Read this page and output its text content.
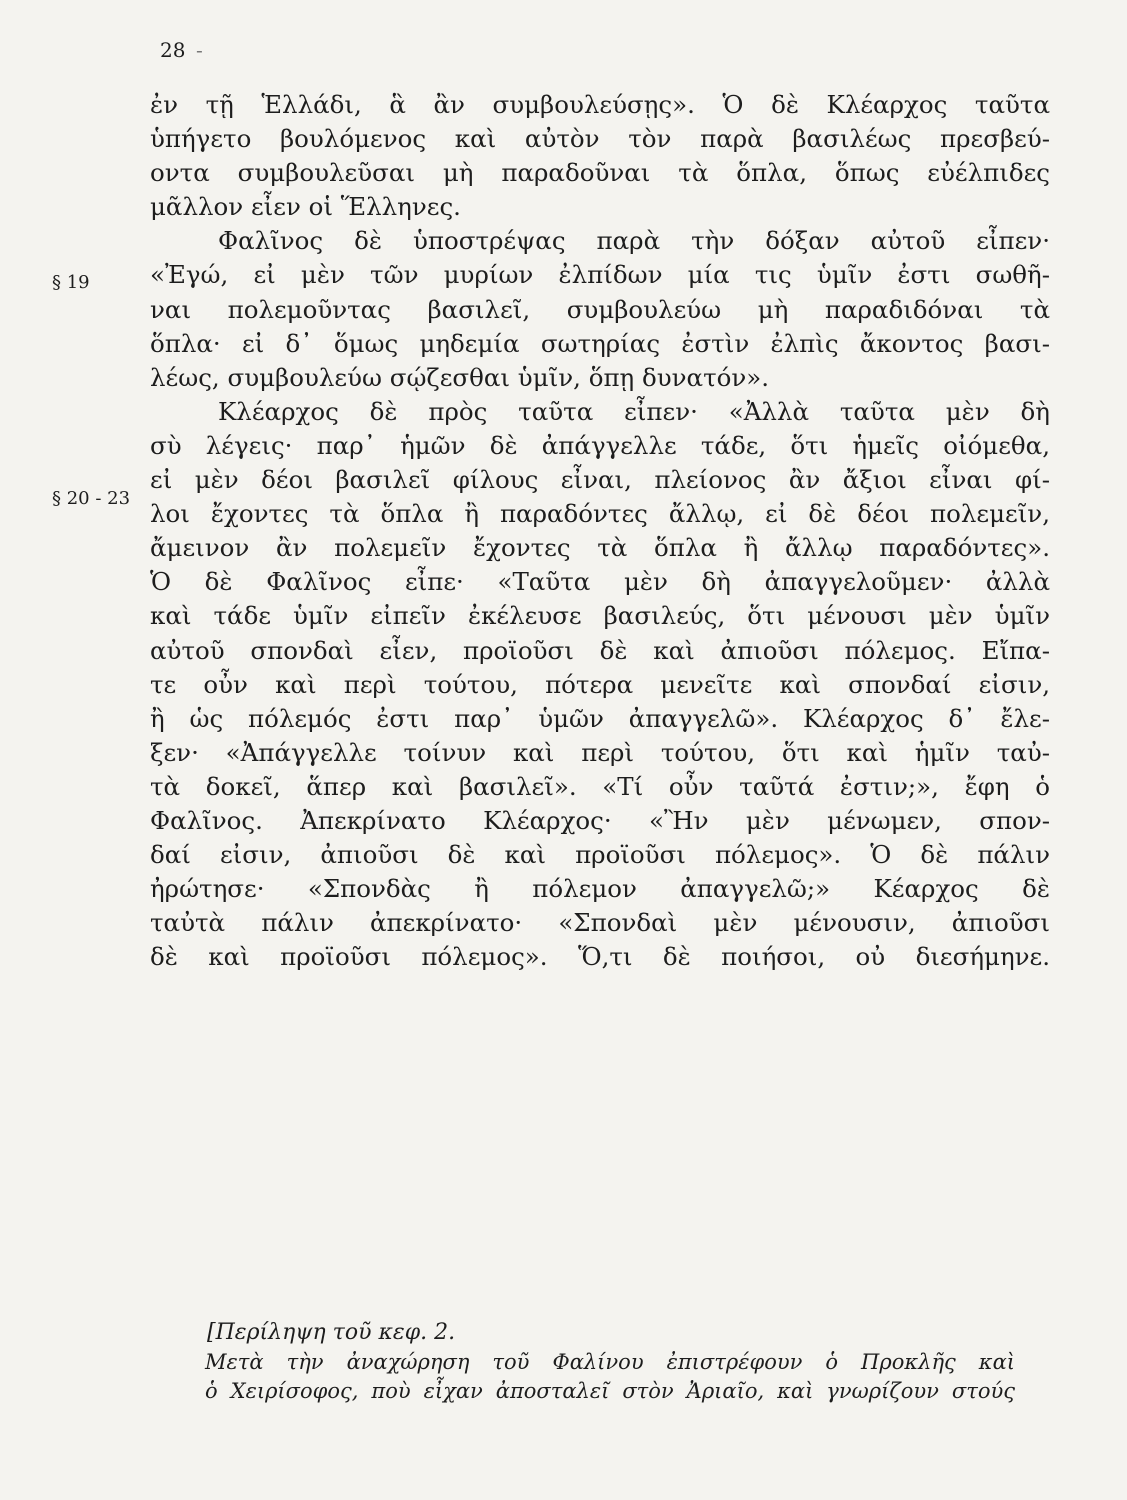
28 -
§ 19
§ 20 - 23
ἐν τῇ Ἑλλάδι, ἃ ἂν συμβουλεύσῃς». Ὁ δὲ Κλέαρχος ταῦτα
ὑπήγετο βουλόμενος καὶ αὐτὸν τὸν παρὰ βασιλέως πρεσβεύ-
οντα συμβουλεῦσαι μὴ παραδοῦναι τὰ ὅπλα, ὅπως εὐέλπιδες
μᾶλλον εἶεν οἱ Ἕλληνες.
Φαλῖνος δὲ ὑποστρέψας παρὰ τὴν δόξαν αὐτοῦ εἶπεν·
«Ἐγώ, εἰ μὲν τῶν μυρίων ἐλπίδων μία τις ὑμῖν ἐστι σωθῆ-
ναι πολεμοῦντας βασιλεῖ, συμβουλεύω μὴ παραδιδόναι τὰ
ὅπλα· εἰ δ᾽ ὅμως μηδεμία σωτηρίας ἐστὶν ἐλπὶς ἄκοντος βασι-
λέως, συμβουλεύω σῴζεσθαι ὑμῖν, ὅπῃ δυνατόν».
Κλέαρχος δὲ πρὸς ταῦτα εἶπεν· «Ἀλλὰ ταῦτα μὲν δὴ
σὺ λέγεις· παρ᾽ ἡμῶν δὲ ἀπάγγελλε τάδε, ὅτι ἡμεῖς οἰόμεθα,
εἰ μὲν δέοι βασιλεῖ φίλους εἶναι, πλείονος ἂν ἄξιοι εἶναι φί-
λοι ἔχοντες τὰ ὅπλα ἢ παραδόντες ἄλλῳ, εἰ δὲ δέοι πολεμεῖν,
ἄμεινον ἂν πολεμεῖν ἔχοντες τὰ ὅπλα ἢ ἄλλῳ παραδόντες».
Ὁ δὲ Φαλῖνος εἶπε· «Ταῦτα μὲν δὴ ἀπαγγελοῦμεν· ἀλλὰ
καὶ τάδε ὑμῖν εἰπεῖν ἐκέλευσε βασιλεύς, ὅτι μένουσι μὲν ὑμῖν
αὐτοῦ σπονδαὶ εἶεν, προϊοῦσι δὲ καὶ ἀπιοῦσι πόλεμος. Εἴπα-
τε οὖν καὶ περὶ τούτου, πότερα μενεῖτε καὶ σπονδαί εἰσιν,
ἢ ὡς πόλεμός ἐστι παρ᾽ ὑμῶν ἀπαγγελῶ». Κλέαρχος δ᾽ ἔλε-
ξεν· «Ἀπάγγελλε τοίνυν καὶ περὶ τούτου, ὅτι καὶ ἡμῖν ταὐ-
τὰ δοκεῖ, ἅπερ καὶ βασιλεῖ». «Τί οὖν ταῦτά ἐστιν;», ἔφη ὁ
Φαλῖνος. Ἀπεκρίνατο Κλέαρχος· «Ἢν μὲν μένωμεν, σπον-
δαί εἰσιν, ἀπιοῦσι δὲ καὶ προϊοῦσι πόλεμος». Ὁ δὲ πάλιν
ἠρώτησε· «Σπονδὰς ἢ πόλεμον ἀπαγγελῶ;» Κέαρχος δὲ
ταὐτὰ πάλιν ἀπεκρίνατο· «Σπονδαὶ μὲν μένουσιν, ἀπιοῦσι
δὲ καὶ προϊοῦσι πόλεμος». Ὅ,τι δὲ ποιήσοι, οὐ διεσήμηνε.
[Περίληψη τοῦ κεφ. 2.
Μετὰ τὴν ἀναχώρηση τοῦ Φαλίνου ἐπιστρέφουν ὁ Προκλῆς καὶ
ὁ Χειρίσοφος, ποὺ εἶχαν ἀποσταλεῖ στὸν Ἀριαῖο, καὶ γνωρίζουν στούς
